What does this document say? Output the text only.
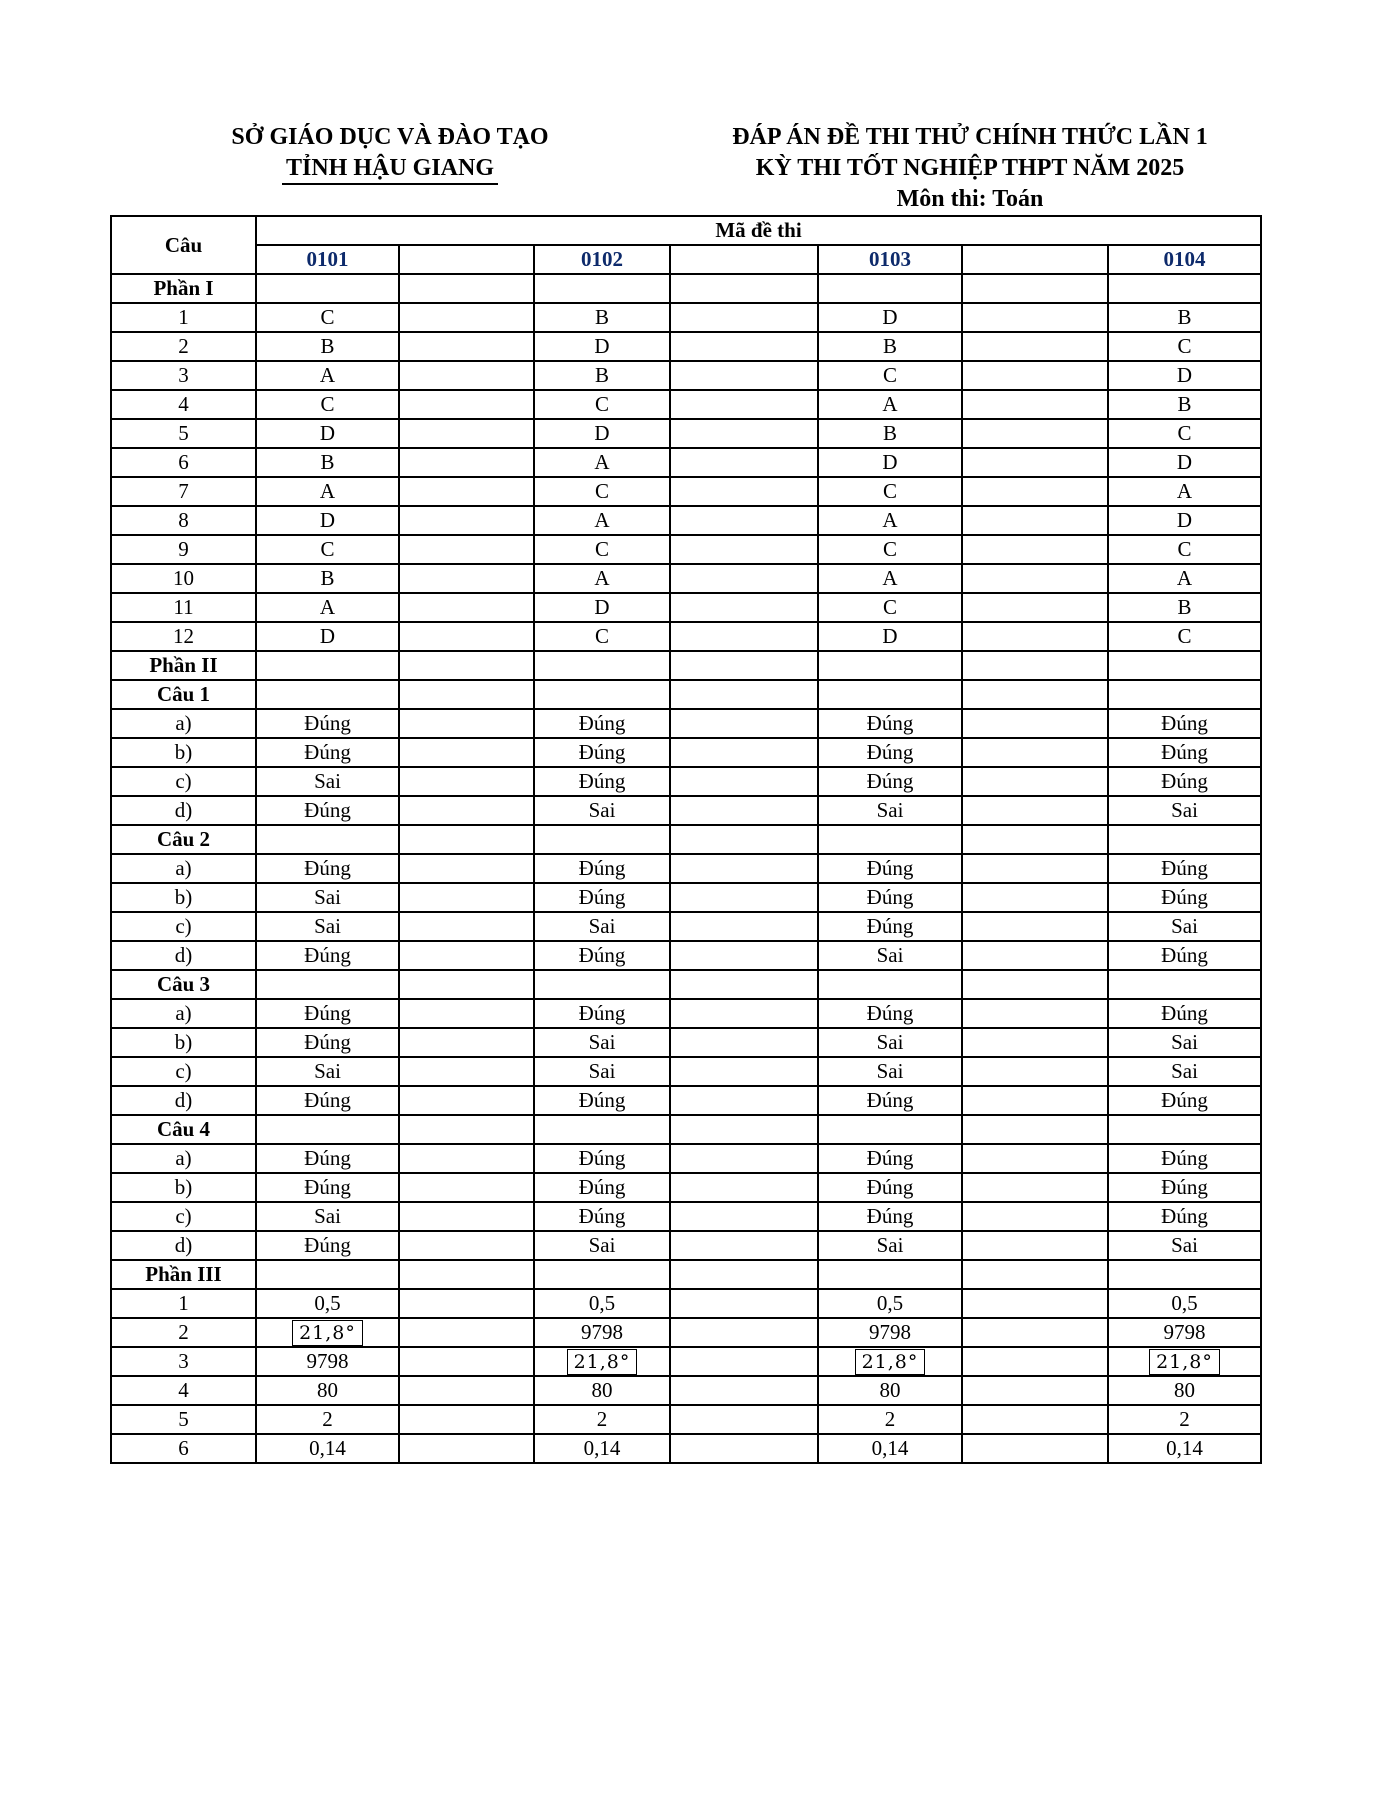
SỞ GIÁO DỤC VÀ ĐÀO TẠO
TỈNH HẬU GIANG
ĐÁP ÁN ĐỀ THI THỬ CHÍNH THỨC LẦN 1
KỲ THI TỐT NGHIỆP THPT NĂM 2025
Môn thi: Toán
Câu	Mã đề thi						
	0101		0102		0103		0104
Phần I							
1	C		B		D		B
2	B		D		B		C
3	A		B		C		D
4	C		C		A		B
5	D		D		B		C
6	B		A		D		D
7	A		C		C		A
8	D		A		A		D
9	C		C		C		C
10	B		A		A		A
11	A		D		C		B
12	D		C		D		C
Phần II							
Câu 1							
a)	Đúng		Đúng		Đúng		Đúng
b)	Đúng		Đúng		Đúng		Đúng
c)	Sai		Đúng		Đúng		Đúng
d)	Đúng		Sai		Sai		Sai
Câu 2							
a)	Đúng		Đúng		Đúng		Đúng
b)	Sai		Đúng		Đúng		Đúng
c)	Sai		Sai		Đúng		Sai
d)	Đúng		Đúng		Sai		Đúng
Câu 3							
a)	Đúng		Đúng		Đúng		Đúng
b)	Đúng		Sai		Sai		Sai
c)	Sai		Sai		Sai		Sai
d)	Đúng		Đúng		Đúng		Đúng
Câu 4							
a)	Đúng		Đúng		Đúng		Đúng
b)	Đúng		Đúng		Đúng		Đúng
c)	Sai		Đúng		Đúng		Đúng
d)	Đúng		Sai		Sai		Sai
Phần III							
1	0,5		0,5		0,5		0,5
2	21,8°		9798		9798		9798
3	9798		21,8°		21,8°		21,8°
4	80		80		80		80
5	2		2		2		2
6	0,14		0,14		0,14		0,14
